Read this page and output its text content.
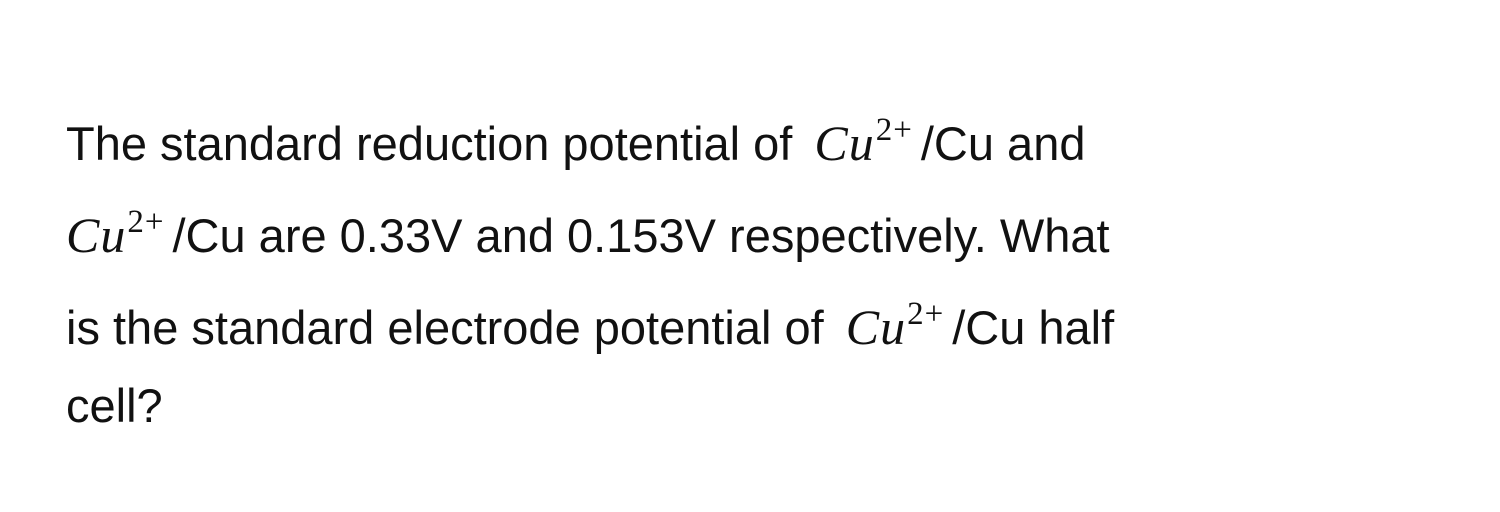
The standard reduction potential of $Cu^{2+}$ /Cu and
$Cu^{2+}$ /Cu are 0.33V and 0.153V respectively. What
is the standard electrode potential of $Cu^{2+}$ /Cu half
cell?
